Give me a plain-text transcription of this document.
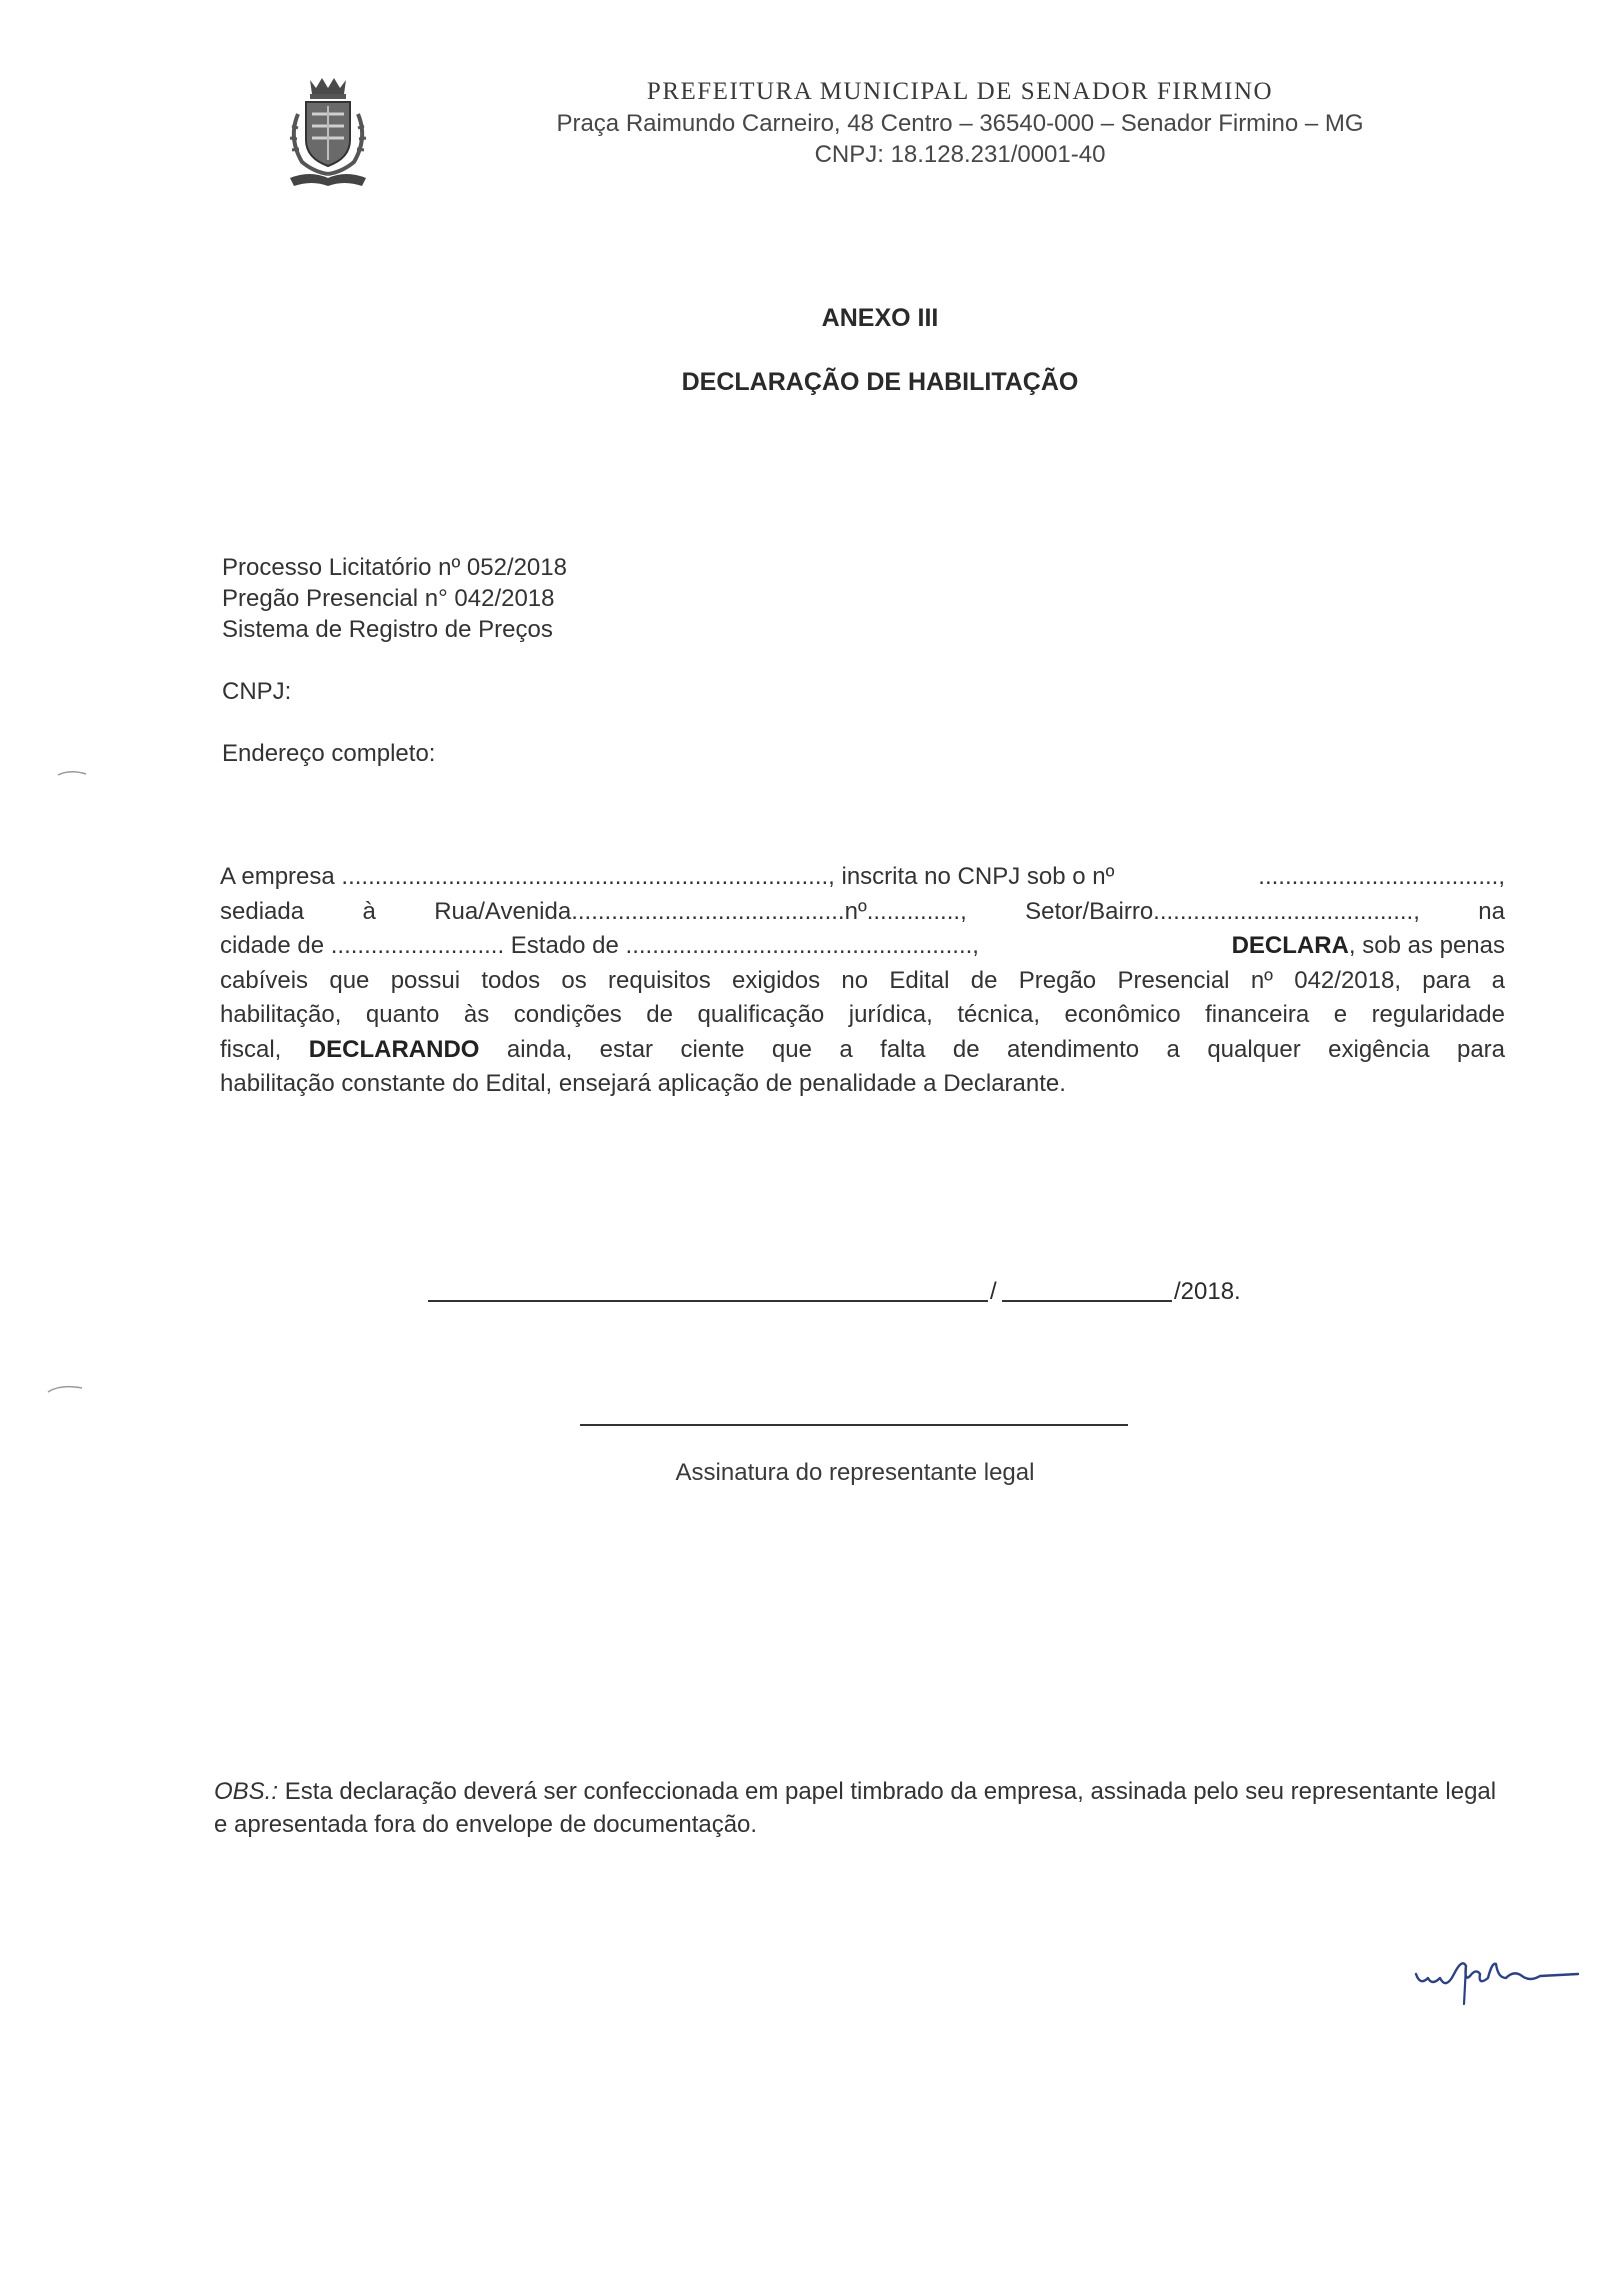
PREFEITURA MUNICIPAL DE SENADOR FIRMINO
Praça Raimundo Carneiro, 48 Centro – 36540-000 – Senador Firmino – MG
CNPJ: 18.128.231/0001-40
ANEXO III
DECLARAÇÃO DE HABILITAÇÃO
Processo Licitatório nº 052/2018
Pregão Presencial n° 042/2018
Sistema de Registro de Preços
CNPJ:
Endereço completo:
A empresa ........................................................................., inscrita no CNPJ sob o nº	....................................,
sediada à Rua/Avenida.........................................nº.............., Setor/Bairro......................................., na
cidade de .......................... Estado de ....................................................,	DECLARA, sob as penas
cabíveis que possui todos os requisitos exigidos no Edital de Pregão Presencial nº 042/2018, para a
habilitação, quanto às condições de qualificação jurídica, técnica, econômico financeira e regularidade
fiscal, DECLARANDO ainda, estar ciente que a falta de atendimento a qualquer exigência para
habilitação constante do Edital, ensejará aplicação de penalidade a Declarante.
/	/2018.
Assinatura do representante legal
OBS.: Esta declaração deverá ser confeccionada em papel timbrado da empresa, assinada pelo seu representante legal e apresentada fora do envelope de documentação.
